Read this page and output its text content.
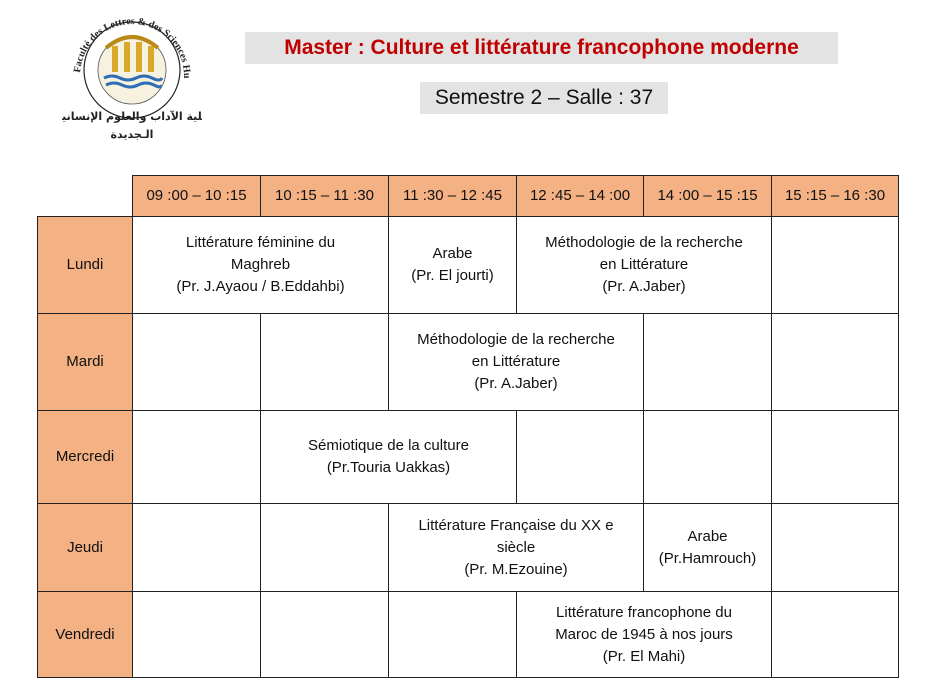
Faculté des Lettres & des Sciences Hu
كلية الآداب والعلوم الإنسانية
الـجديدة
Master : Culture et littérature francophone moderne
Semestre 2 – Salle : 37
	09 :00 – 10 :15	10 :15 – 11 :30	11 :30 – 12 :45	12 :45 – 14 :00	14 :00 – 15 :15	15 :15 – 16 :30
Lundi	Littérature féminine du
Maghreb
(Pr. J.Ayaou / B.Eddahbi)		Arabe
(Pr. El jourti)	Méthodologie de la recherche
en Littérature
(Pr. A.Jaber)		

Mardi			Méthodologie de la recherche
en Littérature
(Pr. A.Jaber)			

Mercredi		Sémiotique de la culture
(Pr.Touria Uakkas)				

Jeudi			Littérature Française du XX e
siècle
(Pr. M.Ezouine)		Arabe
(Pr.Hamrouch)	

Vendredi				Littérature francophone du
Maroc de 1945 à nos jours
(Pr. El Mahi)		
